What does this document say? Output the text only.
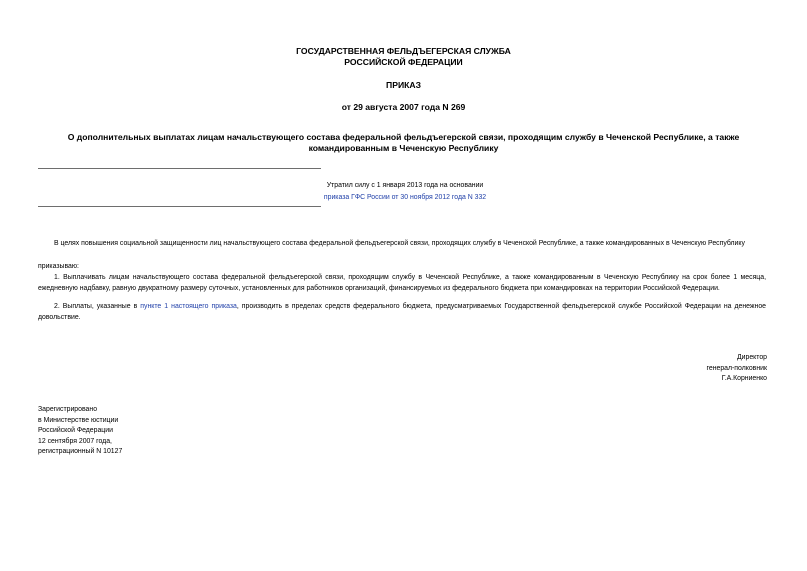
ГОСУДАРСТВЕННАЯ ФЕЛЬДЪЕГЕРСКАЯ СЛУЖБА
РОССИЙСКОЙ ФЕДЕРАЦИИ
ПРИКАЗ
от 29 августа 2007 года N 269
О дополнительных выплатах лицам начальствующего состава федеральной фельдъегерской связи, проходящим службу в Чеченской Республике, а также
командированным в Чеченскую Республику
Утратил силу с 1 января 2013 года на основании
приказа ГФС России от 30 ноября 2012 года N 332
В целях повышения социальной защищенности лиц начальствующего состава федеральной фельдъегерской связи, проходящих службу в Чеченской Республике, а также командированных в Чеченскую Республику
приказываю:
1. Выплачивать лицам начальствующего состава федеральной фельдъегерской связи, проходящим службу в Чеченской Республике, а также командированным в Чеченскую Республику на срок более 1 месяца, ежедневную надбавку, равную двукратному размеру суточных, установленных для работников организаций, финансируемых из федерального бюджета при командировках на территории Российской Федерации.
2. Выплаты, указанные в пункте 1 настоящего приказа, производить в пределах средств федерального бюджета, предусматриваемых Государственной фельдъегерской службе Российской Федерации на денежное довольствие.
Директор
генерал-полковник
Г.А.Корниенко
Зарегистрировано
в Министерстве юстиции
Российской Федерации
12 сентября 2007 года,
регистрационный N 10127
